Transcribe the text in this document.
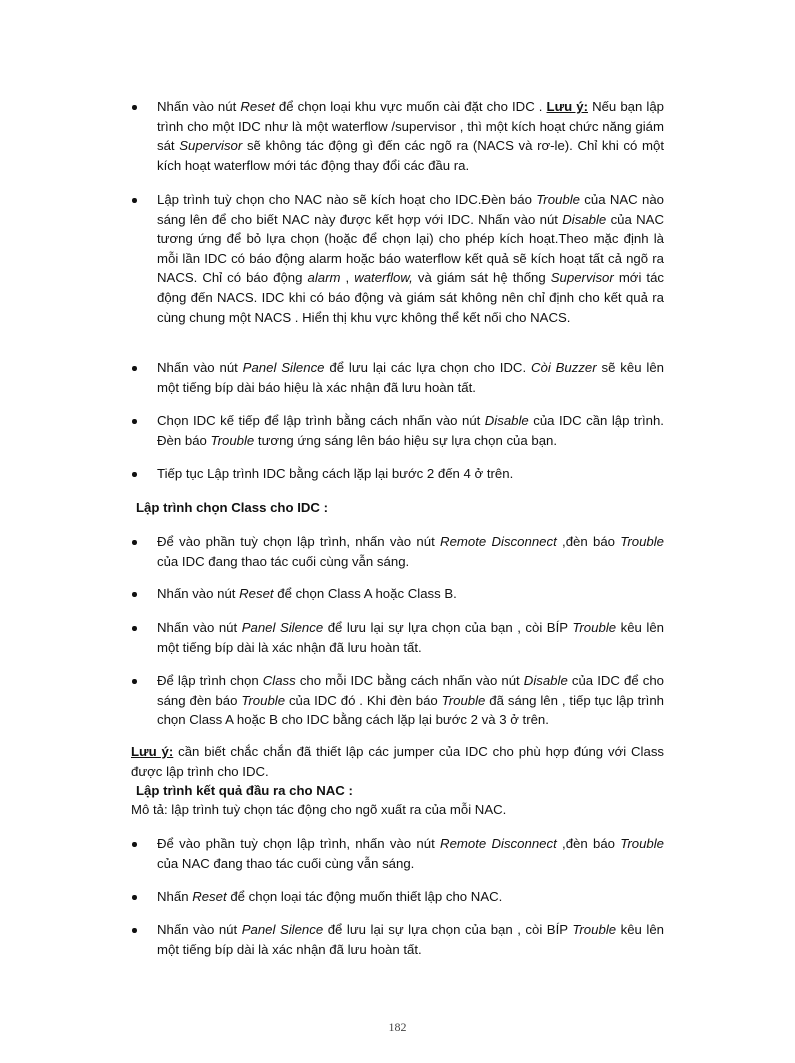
Nhấn vào nút Reset để chọn loại khu vực muốn cài đặt cho IDC . Lưu ý: Nếu bạn lập trình cho một IDC như là một waterflow /supervisor , thì một kích hoạt chức năng giám sát Supervisor sẽ không tác động gì đến các ngõ ra (NACS và rơ-le). Chỉ khi có một kích hoạt waterflow mới tác động thay đổi các đầu ra.
Lập trình tuỳ chọn cho NAC nào sẽ kích hoạt cho IDC.Đèn báo Trouble của NAC nào sáng lên để cho biết NAC này được kết hợp với IDC. Nhấn vào nút Disable của NAC tương ứng để bỏ lựa chọn (hoặc để chọn lại) cho phép kích hoạt.Theo mặc định là mỗi lần IDC có báo động alarm hoặc báo waterflow kết quả sẽ kích hoạt tất cả ngõ ra NACS. Chỉ có báo động alarm , waterflow, và giám sát hệ thống Supervisor mới tác động đến NACS. IDC khi có báo động và giám sát không nên chỉ định cho kết quả ra cùng chung một NACS . Hiển thị khu vực không thể kết nối cho NACS.
Nhấn vào nút Panel Silence để lưu lại các lựa chọn cho IDC. Còi Buzzer sẽ kêu lên một tiếng bíp dài báo hiệu là xác nhận đã lưu hoàn tất.
Chọn IDC kế tiếp để lập trình bằng cách nhấn vào nút Disable của IDC cần lập trình. Đèn báo Trouble tương ứng sáng lên báo hiệu sự lựa chọn của bạn.
Tiếp tục Lập trình IDC bằng cách lặp lại bước 2 đến 4 ở trên.
Lập trình chọn Class cho IDC :
Để vào phần tuỳ chọn lập trình, nhấn vào nút Remote Disconnect ,đèn báo Trouble của IDC đang thao tác cuối cùng vẫn sáng.
Nhấn vào nút Reset để chọn Class A hoặc Class B.
Nhấn vào nút Panel Silence để lưu lại sự lựa chọn của bạn , còi BÍP Trouble kêu lên một tiếng bíp dài là xác nhận đã lưu hoàn tất.
Để lập trình chọn Class cho mỗi IDC bằng cách nhấn vào nút Disable của IDC để cho sáng đèn báo Trouble của IDC đó . Khi đèn báo Trouble đã sáng lên , tiếp tục lập trình chọn Class A hoặc B cho IDC bằng cách lặp lại bước 2 và 3 ở trên.
Lưu ý: cần biết chắc chắn đã thiết lập các jumper của IDC cho phù hợp đúng với Class được lập trình cho IDC.
Lập trình kết quả đầu ra cho NAC :
Mô tả: lập trình tuỳ chọn tác động cho ngõ xuất ra của mỗi NAC.
Để vào phần tuỳ chọn lập trình, nhấn vào nút Remote Disconnect ,đèn báo Trouble của NAC đang thao tác cuối cùng vẫn sáng.
Nhấn Reset để chọn loại tác động muốn thiết lập cho NAC.
Nhấn vào nút Panel Silence để lưu lại sự lựa chọn của bạn , còi BÍP Trouble kêu lên một tiếng bíp dài là xác nhận đã lưu hoàn tất.
182
